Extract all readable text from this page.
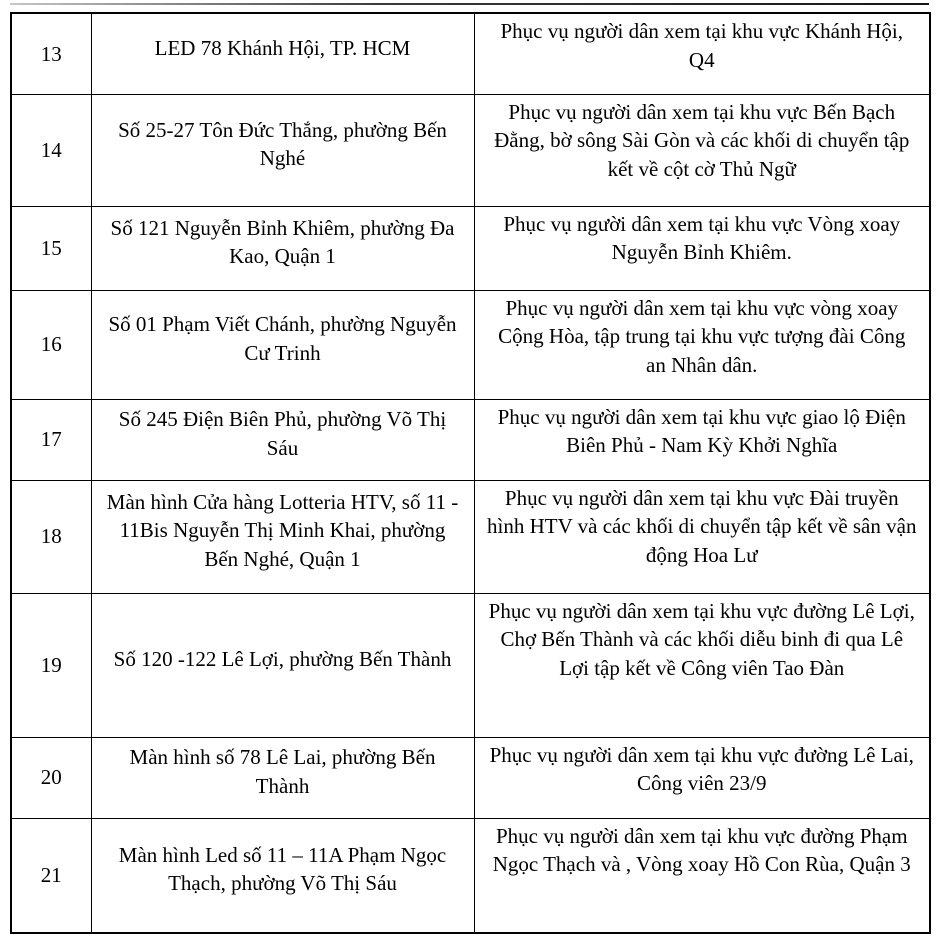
13	LED 78 Khánh Hội, TP. HCM	Phục vụ người dân xem tại khu vực Khánh Hội, Q4
14	Số 25-27 Tôn Đức Thắng, phường Bến Nghé	Phục vụ người dân xem tại khu vực Bến Bạch Đằng, bờ sông Sài Gòn và các khối di chuyển tập kết về cột cờ Thủ Ngữ
15	Số 121 Nguyễn Bỉnh Khiêm, phường Đa Kao, Quận 1	Phục vụ người dân xem tại khu vực Vòng xoay Nguyễn Bỉnh Khiêm.
16	Số 01 Phạm Viết Chánh, phường Nguyễn Cư Trinh	Phục vụ người dân xem tại khu vực vòng xoay Cộng Hòa, tập trung tại khu vực tượng đài Công an Nhân dân.
17	Số 245 Điện Biên Phủ, phường Võ Thị Sáu	Phục vụ người dân xem tại khu vực giao lộ Điện Biên Phủ - Nam Kỳ Khởi Nghĩa
18	Màn hình Cửa hàng Lotteria HTV, số 11 - 11Bis Nguyễn Thị Minh Khai, phường Bến Nghé, Quận 1	Phục vụ người dân xem tại khu vực Đài truyền hình HTV và các khối di chuyển tập kết về sân vận động Hoa Lư
19	Số 120 -122 Lê Lợi, phường Bến Thành	Phục vụ người dân xem tại khu vực đường Lê Lợi, Chợ Bến Thành và các khối diễu binh đi qua Lê Lợi tập kết về Công viên Tao Đàn
20	Màn hình số 78 Lê Lai, phường Bến Thành	Phục vụ người dân xem tại khu vực đường Lê Lai, Công viên 23/9
21	Màn hình Led số 11 – 11A Phạm Ngọc Thạch, phường Võ Thị Sáu	Phục vụ người dân xem tại khu vực đường Phạm Ngọc Thạch và , Vòng xoay Hồ Con Rùa, Quận 3
